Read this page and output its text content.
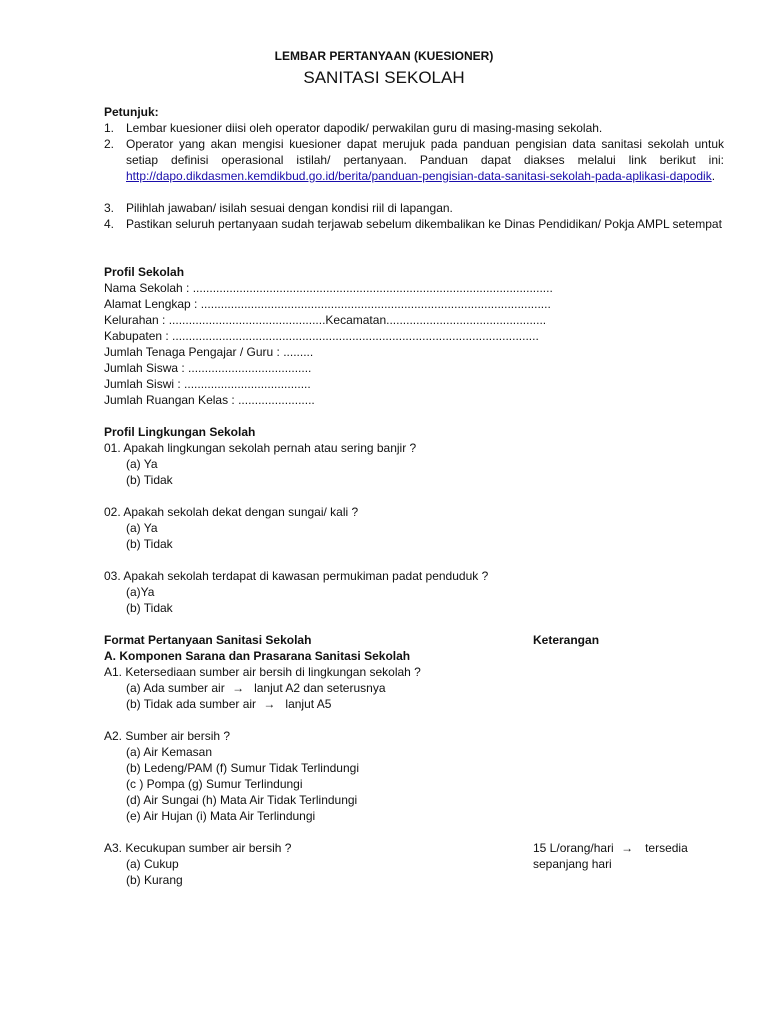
LEMBAR PERTANYAAN (KUESIONER)
SANITASI SEKOLAH
Petunjuk:
1. Lembar kuesioner diisi oleh operator dapodik/ perwakilan guru di masing-masing sekolah.
2. Operator yang akan mengisi kuesioner dapat merujuk pada panduan pengisian data sanitasi sekolah untuk setiap definisi operasional istilah/ pertanyaan. Panduan dapat diakses melalui link berikut ini: http://dapo.dikdasmen.kemdikbud.go.id/berita/panduan-pengisian-data-sanitasi-sekolah-pada-aplikasi-dapodik.
3. Pilihlah jawaban/ isilah sesuai dengan kondisi riil di lapangan.
4. Pastikan seluruh pertanyaan sudah terjawab sebelum dikembalikan ke Dinas Pendidikan/ Pokja AMPL setempat
Profil Sekolah
Nama Sekolah : ............................................................................................................
Alamat Lengkap : .........................................................................................................
Kelurahan : ...............................................Kecamatan................................................
Kabupaten : ..............................................................................................................
Jumlah Tenaga Pengajar / Guru : .........
Jumlah Siswa : .....................................
Jumlah Siswi : ......................................
Jumlah Ruangan Kelas : .......................
Profil Lingkungan Sekolah
01. Apakah lingkungan sekolah pernah atau sering banjir ?
(a) Ya
(b) Tidak
02. Apakah sekolah dekat dengan sungai/ kali ?
(a) Ya
(b) Tidak
03. Apakah sekolah terdapat di kawasan permukiman padat penduduk ?
(a)Ya
(b) Tidak
Format Pertanyaan Sanitasi Sekolah	Keterangan
A. Komponen Sarana dan Prasarana Sanitasi Sekolah
A1. Ketersediaan sumber air bersih di lingkungan sekolah ?
(a) Ada sumber air → lanjut A2 dan seterusnya
(b) Tidak ada sumber air → lanjut A5
A2. Sumber air bersih ?
(a) Air Kemasan
(b) Ledeng/PAM (f) Sumur Tidak Terlindungi
(c ) Pompa (g) Sumur Terlindungi
(d) Air Sungai (h) Mata Air Tidak Terlindungi
(e) Air Hujan (i) Mata Air Terlindungi
A3. Kecukupan sumber air bersih ?
(a) Cukup
(b) Kurang
15 L/orang/hari → tersedia
sepanjang hari
